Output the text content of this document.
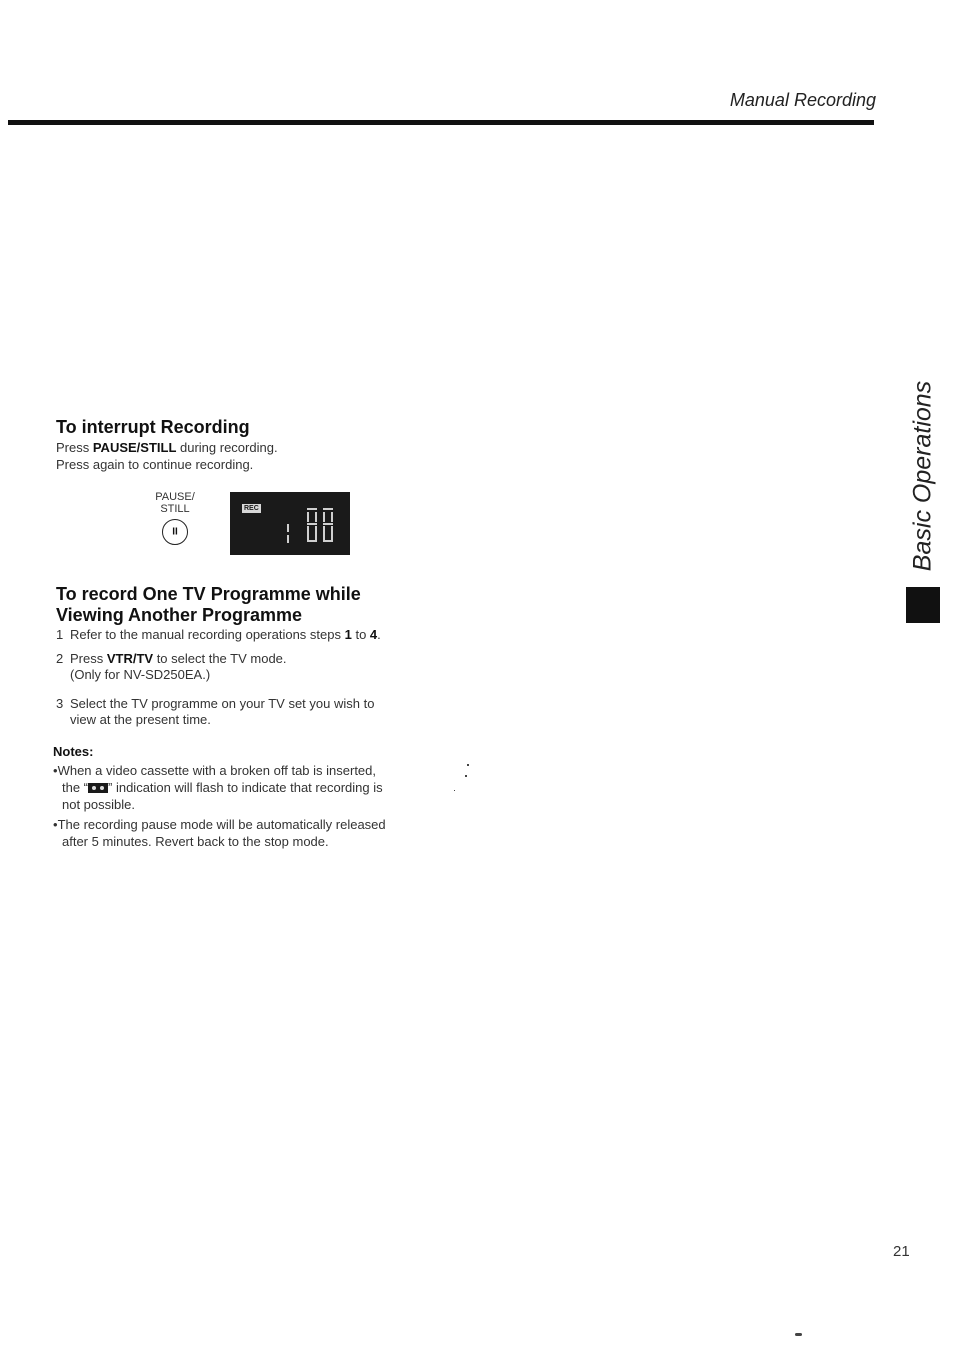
Manual Recording
Basic Operations
To interrupt Recording
Press PAUSE/STILL during recording.
Press again to continue recording.
PAUSE/
STILL
II
REC
To record One TV Programme while
Viewing Another Programme
1 Refer to the manual recording operations steps 1 to 4.
2 Press VTR/TV to select the TV mode.
(Only for NV-SD250EA.)
3 Select the TV programme on your TV set you wish to
view at the present time.
Notes:
•When a video cassette with a broken off tab is inserted,
the “ ” indication will flash to indicate that recording is
not possible.
•The recording pause mode will be automatically released
after 5 minutes. Revert back to the stop mode.
21
